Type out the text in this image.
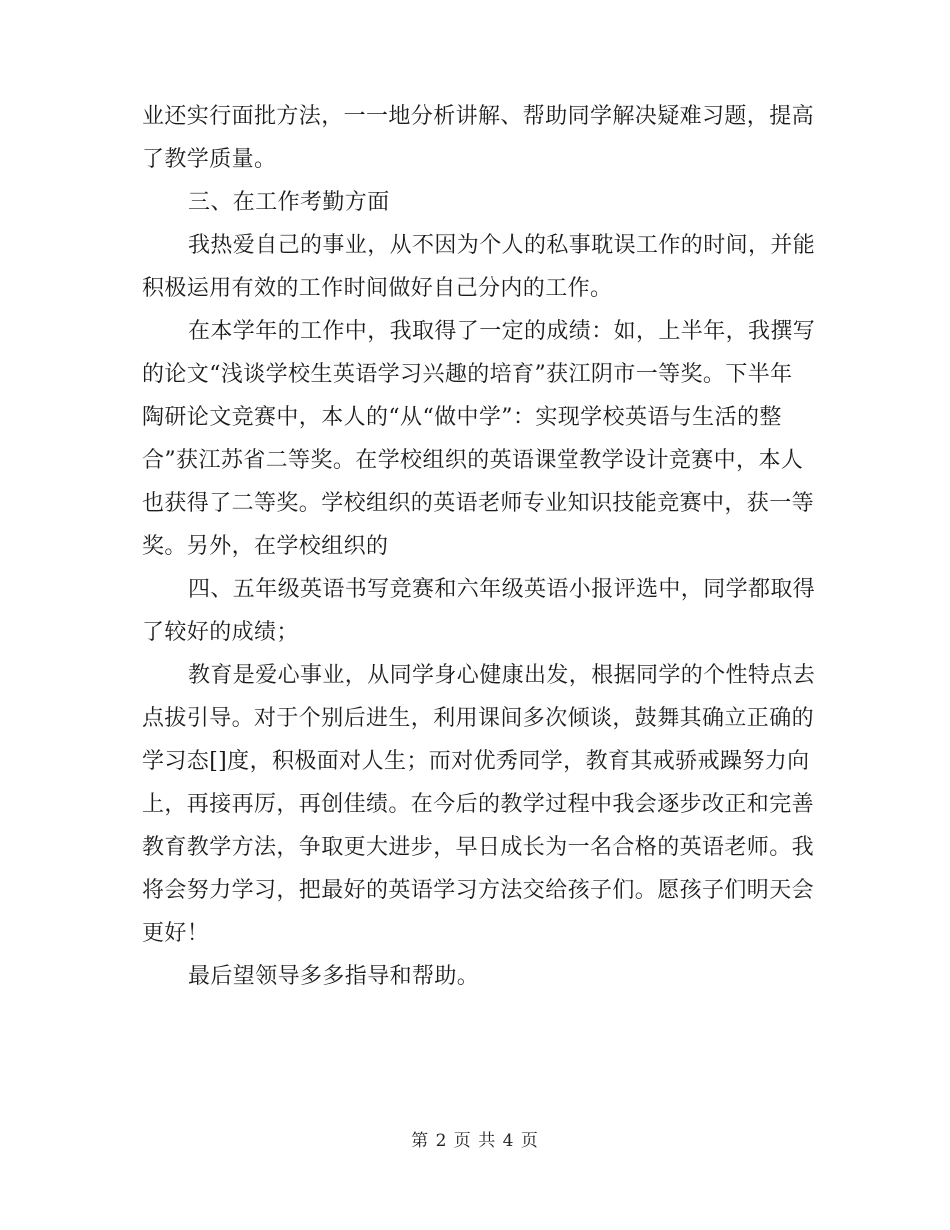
业还实行面批方法，一一地分析讲解、帮助同学解决疑难习题，提高
了教学质量。
三、在工作考勤方面
我热爱自己的事业，从不因为个人的私事耽误工作的时间，并能
积极运用有效的工作时间做好自己分内的工作。
在本学年的工作中，我取得了一定的成绩：如，上半年，我撰写
的论文“浅谈学校生英语学习兴趣的培育”获江阴市一等奖。下半年
陶研论文竞赛中，本人的“从“做中学”：实现学校英语与生活的整
合”获江苏省二等奖。在学校组织的英语课堂教学设计竞赛中，本人
也获得了二等奖。学校组织的英语老师专业知识技能竞赛中，获一等
奖。另外，在学校组织的
四、五年级英语书写竞赛和六年级英语小报评选中，同学都取得
了较好的成绩；
教育是爱心事业，从同学身心健康出发，根据同学的个性特点去
点拔引导。对于个别后进生，利用课间多次倾谈，鼓舞其确立正确的
学习态[]度，积极面对人生；而对优秀同学，教育其戒骄戒躁努力向
上，再接再厉，再创佳绩。在今后的教学过程中我会逐步改正和完善
教育教学方法，争取更大进步，早日成长为一名合格的英语老师。我
将会努力学习，把最好的英语学习方法交给孩子们。愿孩子们明天会
更好！
最后望领导多多指导和帮助。
第 2 页 共 4 页
